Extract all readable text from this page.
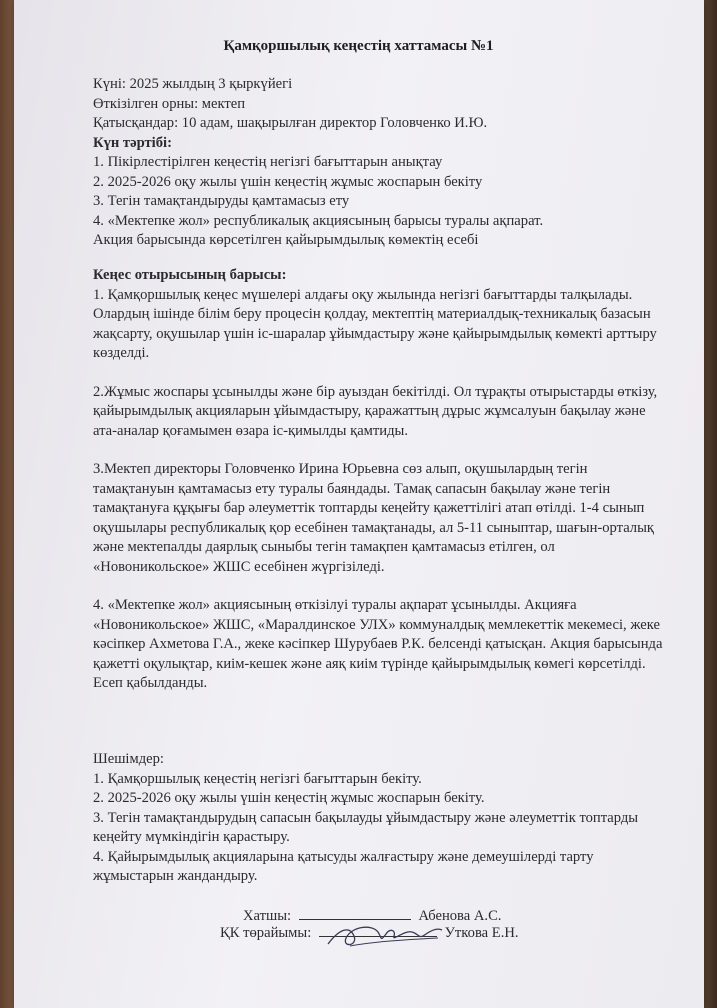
Қамқоршылық кеңестің хаттамасы №1
Күні: 2025 жылдың 3 қыркүйегі
Өткізілген орны: мектеп
Қатысқандар: 10 адам, шақырылған директор Головченко И.Ю.
Күн тәртібі:
1. Пікірлестірілген кеңестің негізгі бағыттарын анықтау
2. 2025-2026 оқу жылы үшін кеңестің жұмыс жоспарын бекіту
3. Тегін тамақтандыруды қамтамасыз ету
4. «Мектепке жол» республикалық акциясының барысы туралы ақпарат.
Акция барысында көрсетілген қайырымдылық көмектің есебі
Кеңес отырысының барысы:

1. Қамқоршылық кеңес мүшелері алдағы оқу жылында негізгі бағыттарды талқылады. Олардың ішінде білім беру процесін қолдау, мектептің материалдық-техникалық базасын жақсарту, оқушылар үшін іс-шаралар ұйымдастыру және қайырымдылық көмекті арттыру көзделді.

2.Жұмыс жоспары ұсынылды және бір ауыздан бекітілді. Ол тұрақты отырыстарды өткізу, қайырымдылық акцияларын ұйымдастыру, қаражаттың дұрыс жұмсалуын бақылау және ата-аналар қоғамымен өзара іс-қимылды қамтиды.

3.Мектеп директоры Головченко Ирина Юрьевна сөз алып, оқушылардың тегін тамақтануын қамтамасыз ету туралы баяндады. Тамақ сапасын бақылау және тегін тамақтануға құқығы бар әлеуметтік топтарды кеңейту қажеттілігі атап өтілді. 1-4 сынып оқушылары республикалық қор есебінен тамақтанады, ал 5-11 сыныптар, шағын-орталық және мектепалды даярлық сыныбы тегін тамақпен қамтамасыз етілген, ол «Новоникольское» ЖШС есебінен жүргізіледі.

4. «Мектепке жол» акциясының өткізілуі туралы ақпарат ұсынылды. Акцияға «Новоникольское» ЖШС, «Маралдинское УЛХ» коммуналдық мемлекеттік мекемесі, жеке кәсіпкер Ахметова Г.А., жеке кәсіпкер Шурубаев Р.К. белсенді қатысқан. Акция барысында қажетті оқулықтар, киім-кешек және аяқ киім түрінде қайырымдылық көмегі көрсетілді. Есеп қабылданды.

Шешімдер:
1. Қамқоршылық кеңестің негізгі бағыттарын бекіту.
2. 2025-2026 оқу жылы үшін кеңестің жұмыс жоспарын бекіту.
3. Тегін тамақтандырудың сапасын бақылауды ұйымдастыру және әлеуметтік топтарды кеңейту мүмкіндігін қарастыру.
4. Қайырымдылық акцияларына қатысуды жалғастыру және демеушілерді тарту жұмыстарын жандандыру.
Хатшы:	Абенова А.С.
ҚК төрайымы:	Уткова Е.Н.
